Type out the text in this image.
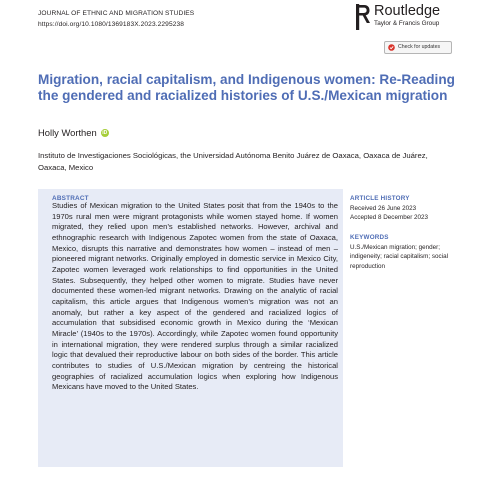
JOURNAL OF ETHNIC AND MIGRATION STUDIES
https://doi.org/10.1080/1369183X.2023.2295238
Routledge
Taylor & Francis Group
Check for updates
Migration, racial capitalism, and Indigenous women: Re-Reading the gendered and racialized histories of U.S./Mexican migration
Holly Worthen	iD
Instituto de Investigaciones Sociológicas, the Universidad Autónoma Benito Juárez de Oaxaca, Oaxaca de Juárez, Oaxaca, Mexico
ABSTRACT
Studies of Mexican migration to the United States posit that from the 1940s to the 1970s rural men were migrant protagonists while women stayed home. If women migrated, they relied upon men’s established networks. However, archival and ethnographic research with Indigenous Zapotec women from the state of Oaxaca, Mexico, disrupts this narrative and demonstrates how women – instead of men – pioneered migrant networks. Originally employed in domestic service in Mexico City, Zapotec women leveraged work relationships to find opportunities in the United States. Subsequently, they helped other women to migrate. Studies have never documented these women-led migrant networks. Drawing on the analytic of racial capitalism, this article argues that Indigenous women’s migration was not an anomaly, but rather a key aspect of the gendered and racialized logics of accumulation that subsidised economic growth in Mexico during the ‘Mexican Miracle’ (1940s to the 1970s). Accordingly, while Zapotec women found opportunity in international migration, they were rendered surplus through a similar racialized logic that devalued their reproductive labour on both sides of the border. This article contributes to studies of U.S./Mexican migration by centreing the historical geographies of racialized accumulation logics when exploring how Indigenous Mexicans have moved to the United States.
ARTICLE HISTORY
Received 26 June 2023
Accepted 8 December 2023
KEYWORDS
U.S./Mexican migration; gender; indigeneity; racial capitalism; social reproduction
